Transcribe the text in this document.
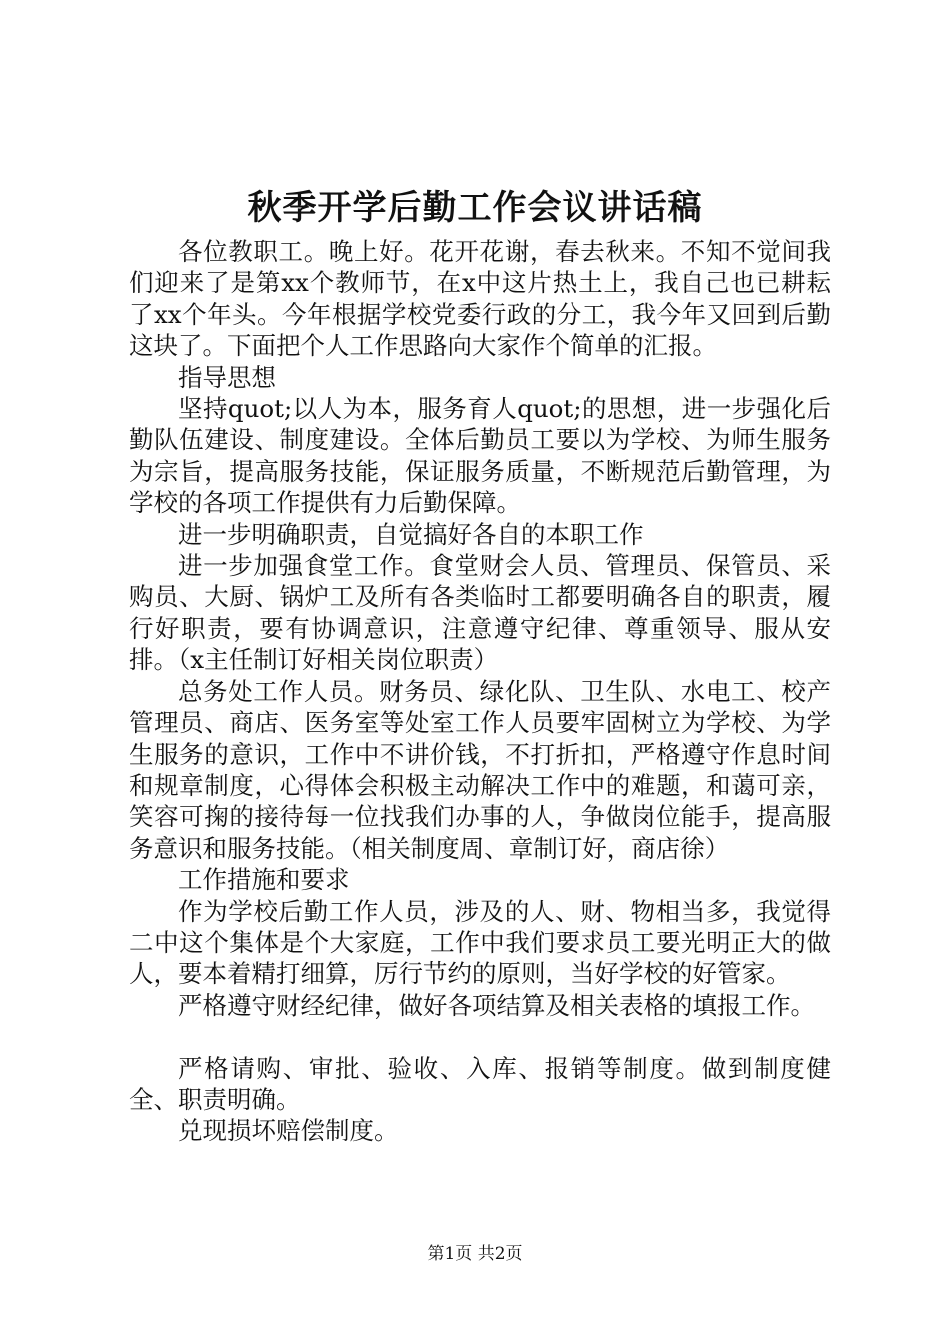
秋季开学后勤工作会议讲话稿

各位教职工。晚上好。花开花谢，春去秋来。不知不觉间我们迎来了是第xx个教师节，在x中这片热土上，我自己也已耕耘了xx个年头。今年根据学校党委行政的分工，我今年又回到后勤这块了。下面把个人工作思路向大家作个简单的汇报。

指导思想

坚持quot;以人为本，服务育人quot;的思想，进一步强化后勤队伍建设、制度建设。全体后勤员工要以为学校、为师生服务为宗旨，提高服务技能，保证服务质量，不断规范后勤管理，为学校的各项工作提供有力后勤保障。

进一步明确职责，自觉搞好各自的本职工作

进一步加强食堂工作。食堂财会人员、管理员、保管员、采购员、大厨、锅炉工及所有各类临时工都要明确各自的职责，履行好职责，要有协调意识，注意遵守纪律、尊重领导、服从安排。（x主任制订好相关岗位职责）

总务处工作人员。财务员、绿化队、卫生队、水电工、校产管理员、商店、医务室等处室工作人员要牢固树立为学校、为学生服务的意识，工作中不讲价钱，不打折扣，严格遵守作息时间和规章制度，心得体会积极主动解决工作中的难题，和蔼可亲，笑容可掬的接待每一位找我们办事的人，争做岗位能手，提高服务意识和服务技能。（相关制度周、章制订好，商店徐）

工作措施和要求

作为学校后勤工作人员，涉及的人、财、物相当多，我觉得二中这个集体是个大家庭，工作中我们要求员工要光明正大的做人，要本着精打细算，厉行节约的原则，当好学校的好管家。

严格遵守财经纪律，做好各项结算及相关表格的填报工作。

严格请购、审批、验收、入库、报销等制度。做到制度健全、职责明确。

兑现损坏赔偿制度。

第1页 共2页
